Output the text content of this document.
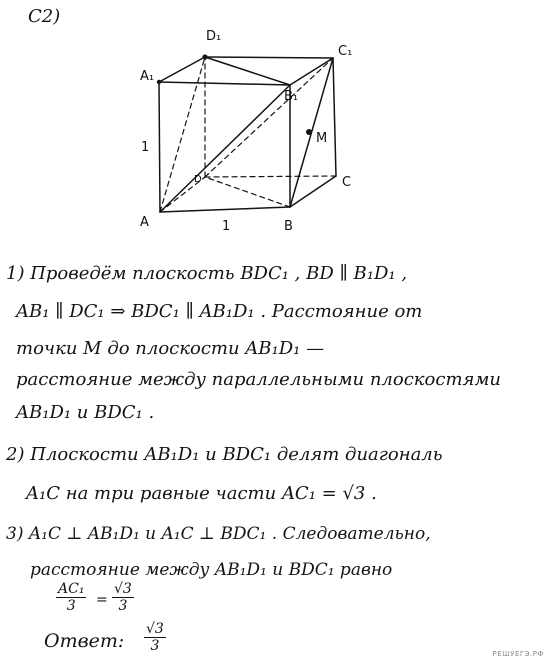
C2)
D₁
C₁
A₁
B₁
M
D	C
A	B
1
1
1) Проведём плоскость BDC₁ , BD ∥ B₁D₁ ,
AB₁ ∥ DC₁ ⇒ BDC₁ ∥ AB₁D₁ . Расстояние от
точки M до плоскости AB₁D₁ —
расстояние между параллельными плоскостями
AB₁D₁ и BDC₁ .
2) Плоскости AB₁D₁ и BDC₁ делят диагональ
A₁C на три равные части AC₁ = √3 .
3) A₁C ⊥ AB₁D₁ и A₁C ⊥ BDC₁ . Следовательно,
расстояние между AB₁D₁ и BDC₁ равно
$\frac{\text{AC₁}}{3} = \frac{√3}{3}$
Ответ: $\frac{√3}{3}$
РЕШУЕГЭ.РФ
